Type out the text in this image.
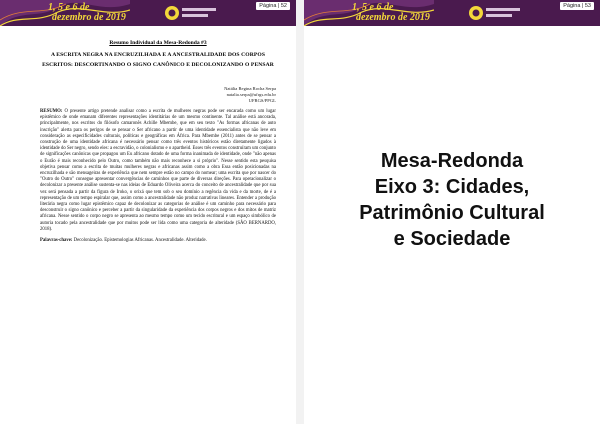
1, 5 e 6 de
dezembro de 2019
Página | 52

Resumo Individual da Mesa-Redonda #3

A ESCRITA NEGRA NA ENCRUZILHADA E A ANCESTRALIDADE DOS CORPOS ESCRITOS: DESCORTINANDO O SIGNO CANÔNICO E DECOLONIZANDO O PENSAR

Natália Regina Rocha Serpa
natalia.serpa@ufrgs.edu.br
UFRGS/PPGL

RESUMO: O presente artigo pretende analisar como a escrita de mulheres negras pode ser encarada como um lugar epistêmico de onde emanam diferentes representações identitárias de um mesmo continente. Tal análise está ancorada, principalmente, nos escritos do filósofo camaronês Achille Mbembe, que em seu texto "As formas africanas de auto inscrição" alerta para os perigos de se pensar o Ser africano a partir de uma identidade essencialista que não leve em consideração as especificidades culturais, políticas e geográficas em África. Para Mbembe (2011) antes de se pensar a construção de uma identidade africana é necessário pensar como três eventos históricos estão diretamente ligados à identidade do Ser negro, sendo eles: a escravidão, o colonialismo e o apartheid. Esses três eventos construíram um conjunto de significações canônicas que propagou um Eu africano dotado de uma forma inanimada de identidade, onde "não apenas o Eurão é mais reconhecido pelo Outro, como também não mais reconhece a si próprio". Nesse sentido esta pesquisa objetiva pensar como a escrita de muitas mulheres negras e africanas assim como a obra Essa então posicionadas na encruzilhada e são mensageiras de experiência que nem sempre estão no campo do nomear; uma escrita que por nascer do "Outro do Outro" consegue apresentar convergências de caminhos que parte de diversas direções. Para operacionalizar o decolonizar a presente análise sustenta-se nas ideias de Eduardo Oliveira acerca do conceito de ancestralidade que por sua vez será pensada a partir da figura de Iroko, o orixá que tem sob o seu domínio a regência da vida e da morte, de é a representação de um tempo espiralar que, assim como a ancestralidade não produz narrativas lineares. Entender a produção literária negra como lugar epistêmico capaz de decolonizar as categorias de análise é um caminho para necessário para desconstruir o signo canônico e perceber a partir da singularidade da experiência dos corpos negros e dos mitos de matriz africana. Nesse sentido o corpo negro se apresenta ao mesmo tempo como um tecido escritural e um espaço simbólico de autoria tocado pela ancestralidade que por muitos pode ser lida como uma categoria de alteridade (SÃO BERNARDO, 2018).

Palavras-chave: Decolonização. Epistemologias Africanas. Ancestralidade. Alteridade.

1, 5 e 6 de
dezembro de 2019
Página | 53
Mesa-Redonda
Eixo 3: Cidades,
Patrimônio Cultural
e Sociedade
